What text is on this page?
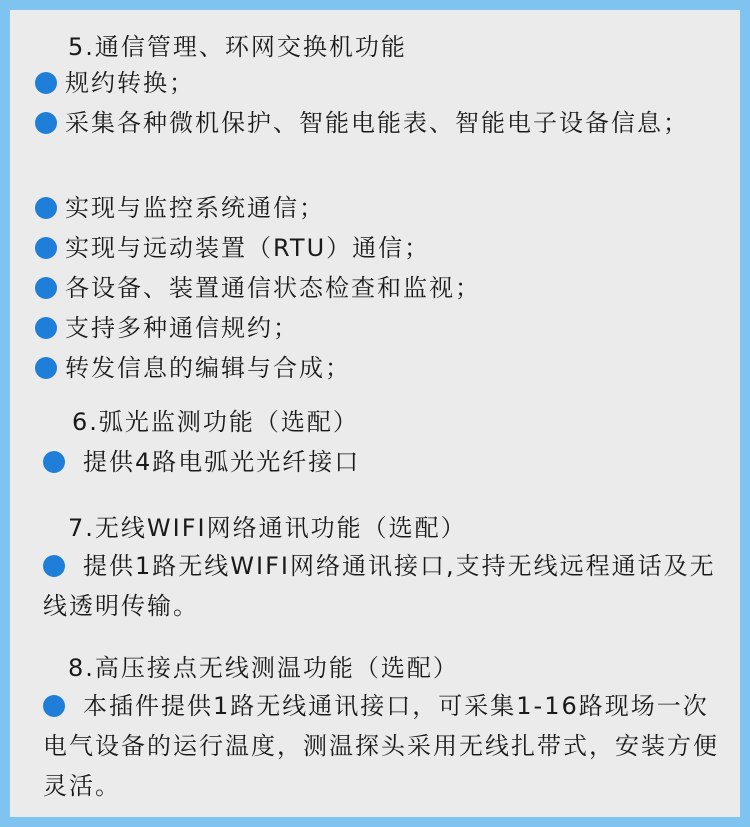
5.通信管理、环网交换机功能
规约转换；
采集各种微机保护、智能电能表、智能电子设备信息；
实现与监控系统通信；
实现与远动装置（RTU）通信；
各设备、装置通信状态检查和监视；
支持多种通信规约；
转发信息的编辑与合成；
6.弧光监测功能（选配）
提供4路电弧光光纤接口
7.无线WIFI网络通讯功能（选配）
提供1路无线WIFI网络通讯接口,支持无线远程通话及无线透明传输。
8.高压接点无线测温功能（选配）
本插件提供1路无线通讯接口，可采集1-16路现场一次电气设备的运行温度，测温探头采用无线扎带式，安装方便灵活。
